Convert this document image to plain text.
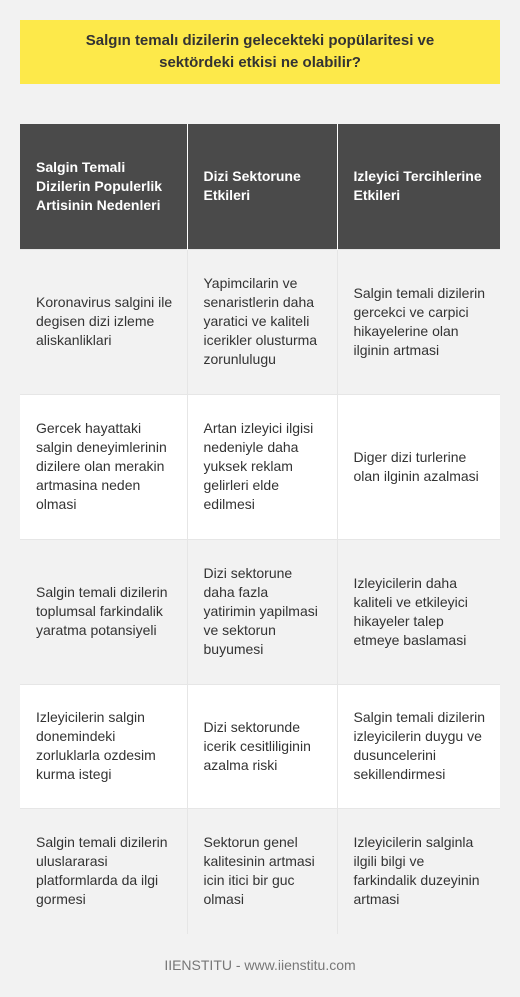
Salgın temalı dizilerin gelecekteki popülaritesi ve sektördeki etkisi ne olabilir?
Salgin Temali Dizilerin Populerlik Artisinin Nedenleri	Dizi Sektorune Etkileri	Izleyici Tercihlerine Etkileri
Koronavirus salgini ile degisen dizi izleme aliskanliklari	Yapimcilarin ve senaristlerin daha yaratici ve kaliteli icerikler olusturma zorunlulugu	Salgin temali dizilerin gercekci ve carpici hikayelerine olan ilginin artmasi
Gercek hayattaki salgin deneyimlerinin dizilere olan merakin artmasina neden olmasi	Artan izleyici ilgisi nedeniyle daha yuksek reklam gelirleri elde edilmesi	Diger dizi turlerine olan ilginin azalmasi
Salgin temali dizilerin toplumsal farkindalik yaratma potansiyeli	Dizi sektorune daha fazla yatirimin yapilmasi ve sektorun buyumesi	Izleyicilerin daha kaliteli ve etkileyici hikayeler talep etmeye baslamasi
Izleyicilerin salgin donemindeki zorluklarla ozdesim kurma istegi	Dizi sektorunde icerik cesitliliginin azalma riski	Salgin temali dizilerin izleyicilerin duygu ve dusuncelerini sekillendirmesi
Salgin temali dizilerin uluslararasi platformlarda da ilgi gormesi	Sektorun genel kalitesinin artmasi icin itici bir guc olmasi	Izleyicilerin salginla ilgili bilgi ve farkindalik duzeyinin artmasi
IIENSTITU - www.iienstitu.com
